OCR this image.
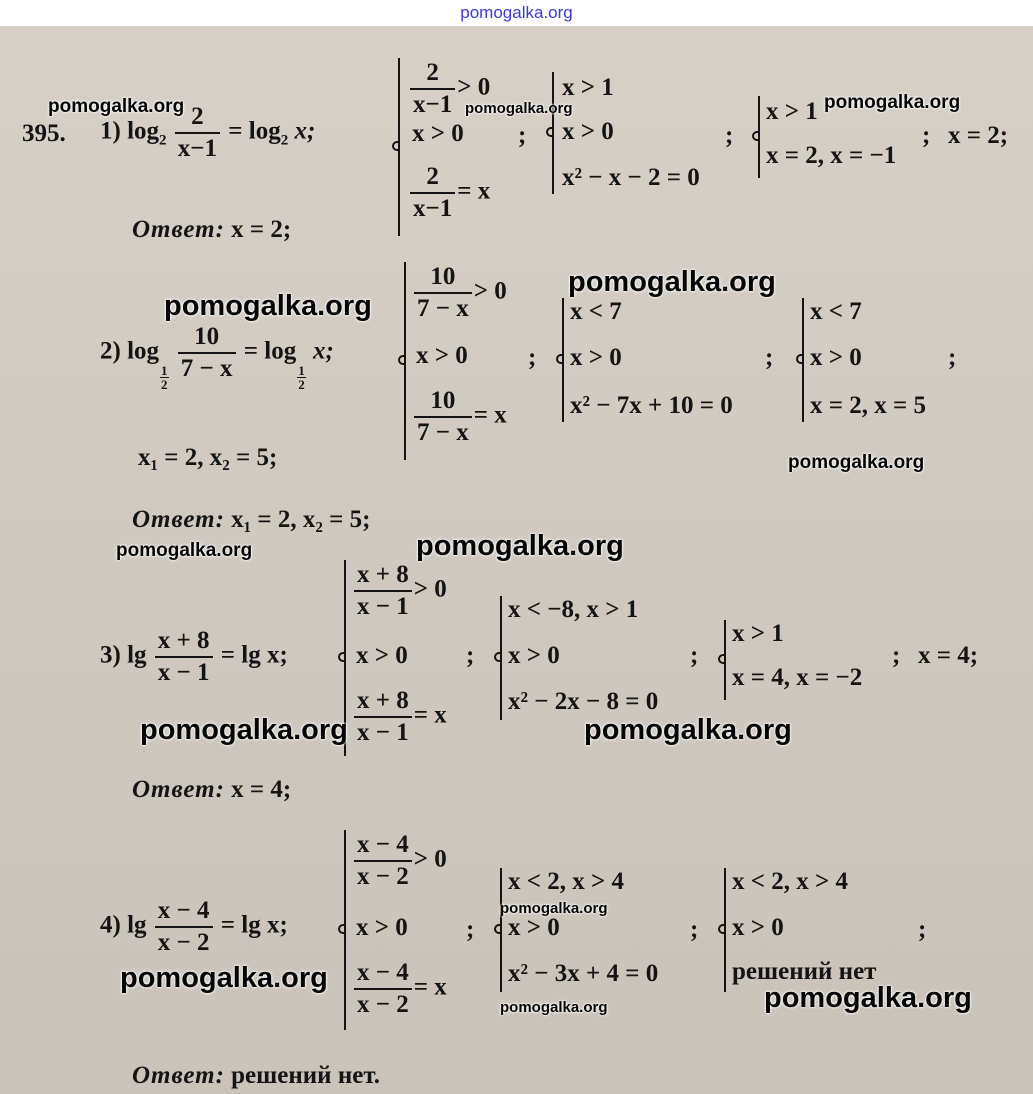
pomogalka.org
395. 1) $\log_2 \frac{2}{x-1} = \log_2 x$;
$\frac{2}{x-1} > 0$
x > 0
$\frac{2}{x-1} = x$
;
x > 1
x > 0
x² − x − 2 = 0
;
x > 1
x = 2, x = −1
; x = 2;
Ответ: x = 2;
2) log
$\frac{1}{2}$
$\frac{10}{7 - x} = \log$
$\frac{1}{2}$
x;
$\frac{10}{7 - x} > 0$
x > 0
$\frac{10}{7 - x} = x$
;
x < 7
x > 0
x² − 7x + 10 = 0
;
x < 7
x > 0
x = 2, x = 5
;
x₁ = 2, x₂ = 5;
Ответ: x₁ = 2, x₂ = 5;
3) $\lg \frac{x + 8}{x - 1} = \lg x$;
$\frac{x + 8}{x - 1} > 0$
x > 0
$\frac{x + 8}{x - 1} = x$
;
x < −8, x > 1
x > 0
x² − 2x − 8 = 0
;
x > 1
x = 4, x = −2
; x = 4;
Ответ: x = 4;
4) $\lg \frac{x - 4}{x - 2} = \lg x$;
$\frac{x - 4}{x - 2} > 0$
x > 0
$\frac{x - 4}{x - 2} = x$
;
x < 2, x > 4
x > 0
x² − 3x + 4 = 0
;
x < 2, x > 4
x > 0
решений нет
;
Ответ: решений нет.
pomogalka.org	pomogalka.org	pomogalka.org
pomogalka.org
pomogalka.org
pomogalka.org
pomogalka.org
pomogalka.org
pomogalka.org	pomogalka.org
pomogalka.org
pomogalka.org
pomogalka.org
pomogalka.org
